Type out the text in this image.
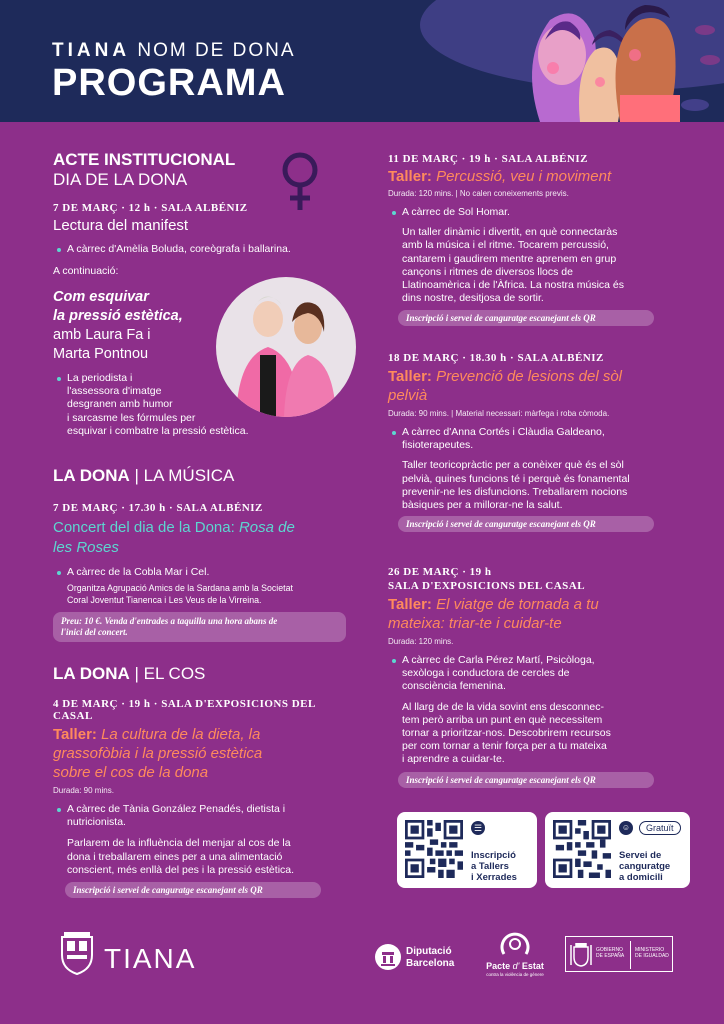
TIANA NOM DE DONA
PROGRAMA
ACTE INSTITUCIONAL
DIA DE LA DONA
7 DE MARÇ · 12 h · SALA ALBÉNIZ
Lectura del manifest
A càrrec d'Amèlia Boluda, coreògrafa i ballarina.
A continuació:
Com esquivar
la pressió estètica,
amb Laura Fa i
Marta Pontnou
La periodista i
l'assessora d'imatge
desgranen amb humor
i sarcasme les fórmules per
esquivar i combatre la pressió estètica.
LA DONA | LA MÚSICA
7 DE MARÇ · 17.30 h · SALA ALBÉNIZ
Concert del dia de la Dona: Rosa de
les Roses
A càrrec de la Cobla Mar i Cel.
Organitza Agrupació Amics de la Sardana amb la Societat
Coral Joventut Tianenca i Les Veus de la Virreina.
Preu: 10 €. Venda d'entrades a taquilla una hora abans de
l'inici del concert.
LA DONA | EL COS
4 DE MARÇ · 19 h · SALA D'EXPOSICIONS DEL CASAL
Taller: La cultura de la dieta, la
grassofòbia i la pressió estètica
sobre el cos de la dona
Durada: 90 mins.
A càrrec de Tània González Penadés, dietista i
nutricionista.
Parlarem de la influència del menjar al cos de la
dona i treballarem eines per a una alimentació
conscient, més enllà del pes i la pressió estètica.
Inscripció i servei de canguratge escanejant els QR
11 DE MARÇ · 19 h · SALA ALBÉNIZ
Taller: Percussió, veu i moviment
Durada: 120 mins. | No calen coneixements previs.
A càrrec de Sol Homar.
Un taller dinàmic i divertit, en què connectaràs
amb la música i el ritme. Tocarem percussió,
cantarem i gaudirem mentre aprenem en grup
cançons i ritmes de diversos llocs de
Llatinoamèrica i de l'Àfrica. La nostra música és
dins nostre, desitjosa de sortir.
Inscripció i servei de canguratge escanejant els QR
18 DE MARÇ · 18.30 h · SALA ALBÉNIZ
Taller: Prevenció de lesions del sòl
pelvià
Durada: 90 mins. | Material necessari: màrfega i roba còmoda.
A càrrec d'Anna Cortés i Clàudia Galdeano,
fisioterapeutes.
Taller teoricopràctic per a conèixer què és el sòl
pelvià, quines funcions té i perquè és fonamental
prevenir-ne les disfuncions. Treballarem nocions
bàsiques per a millorar-ne la salut.
Inscripció i servei de canguratge escanejant els QR
26 DE MARÇ · 19 h
SALA D'EXPOSICIONS DEL CASAL
Taller: El viatge de tornada a tu
mateixa: triar-te i cuidar-te
Durada: 120 mins.
A càrrec de Carla Pérez Martí, Psicòloga,
sexòloga i conductora de cercles de
consciència femenina.
Al llarg de de la vida sovint ens desconnec-
tem però arriba un punt en què necessitem
tornar a prioritzar-nos. Descobrirem recursos
per com tornar a tenir força per a tu mateixa
i aprendre a cuidar-te.
Inscripció i servei de canguratge escanejant els QR
☰
Inscripció
a Tallers
i Xerrades
☺	Gratuït
Servei de
canguratge
a domicili
TIANA	Diputació
Barcelona	Pacte d' Estat
contra la violència de gènere
GOBIERNO
DE ESPAÑA
MINISTERIO
DE IGUALDAD
